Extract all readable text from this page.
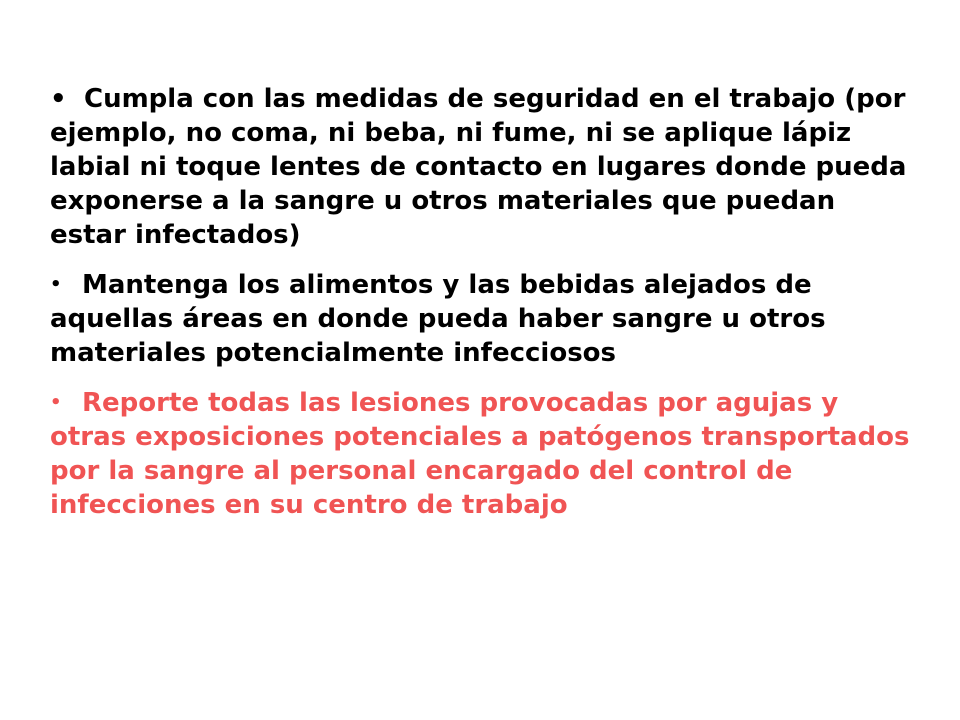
• Cumpla con las medidas de seguridad en el trabajo (por ejemplo, no coma, ni beba, ni fume, ni se aplique lápiz labial ni toque lentes de contacto en lugares donde pueda exponerse a la sangre u otros materiales que puedan estar infectados)

• Mantenga los alimentos y las bebidas alejados de aquellas áreas en donde pueda haber sangre u otros materiales potencialmente infecciosos

• Reporte todas las lesiones provocadas por agujas y otras exposiciones potenciales a patógenos transportados por la sangre al personal encargado del control de infecciones en su centro de trabajo
